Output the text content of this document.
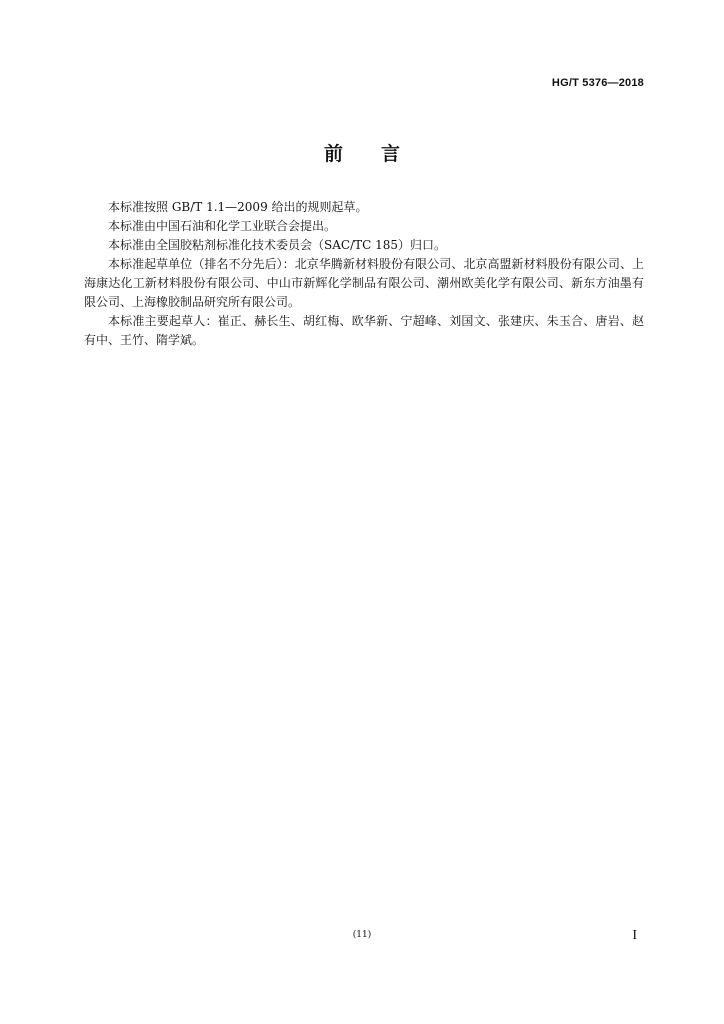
HG/T 5376—2018
前 言

本标准按照 GB/T 1.1—2009 给出的规则起草。

本标准由中国石油和化学工业联合会提出。

本标准由全国胶粘剂标准化技术委员会（SAC/TC 185）归口。

本标准起草单位（排名不分先后）：北京华腾新材料股份有限公司、北京高盟新材料股份有限公司、上海康达化工新材料股份有限公司、中山市新辉化学制品有限公司、潮州欧美化学有限公司、新东方油墨有限公司、上海橡胶制品研究所有限公司。

本标准主要起草人：崔正、赫长生、胡红梅、欧华新、宁超峰、刘国文、张建庆、朱玉合、唐岩、赵有中、王竹、隋学斌。

(11)	I
